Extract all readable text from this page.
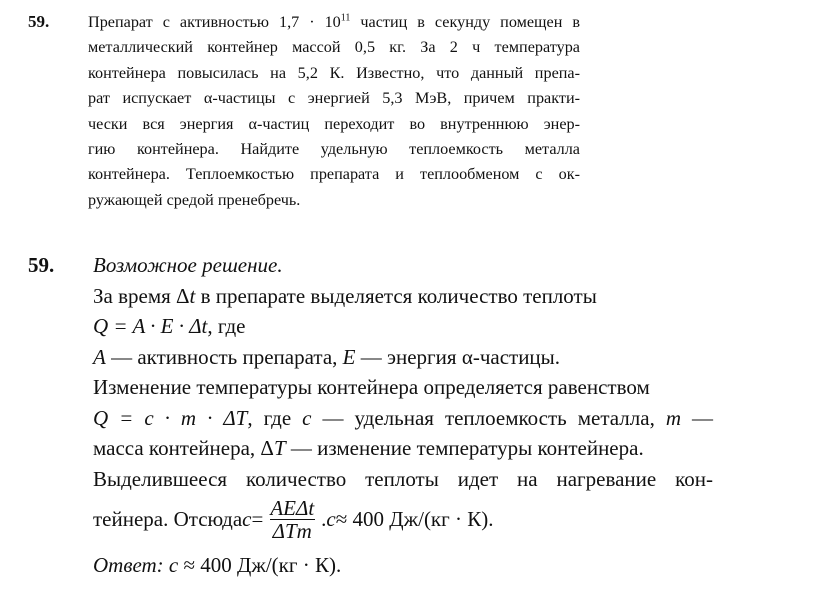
59. Препарат с активностью $1,7 \cdot 10^{11}$ частиц в секунду помещен в
металлический контейнер массой 0,5 кг. За 2 ч температура
контейнера повысилась на 5,2 К. Известно, что данный препа-
рат испускает α-частицы с энергией 5,3 МэВ, причем практи-
чески вся энергия α-частиц переходит во внутреннюю энер-
гию контейнера. Найдите удельную теплоемкость металла
контейнера. Теплоемкостью препарата и теплообменом с ок-
ружающей средой пренебречь.
59. Возможное решение.
За время Δt в препарате выделяется количество теплоты
Q = A · E · Δt, где
A — активность препарата, E — энергия α-частицы.
Изменение температуры контейнера определяется равенством
Q = c · m · ΔT, где c — удельная теплоемкость металла, m —
масса контейнера, ΔT — изменение температуры контейнера.
Выделившееся количество теплоты идет на нагревание кон-
тейнера. Отсюда $c = \frac{\text{AEΔt}}{\text{ΔTm}}$ . c ≈ 400 Дж/(кг · К).
Ответ: c ≈ 400 Дж/(кг · К).
